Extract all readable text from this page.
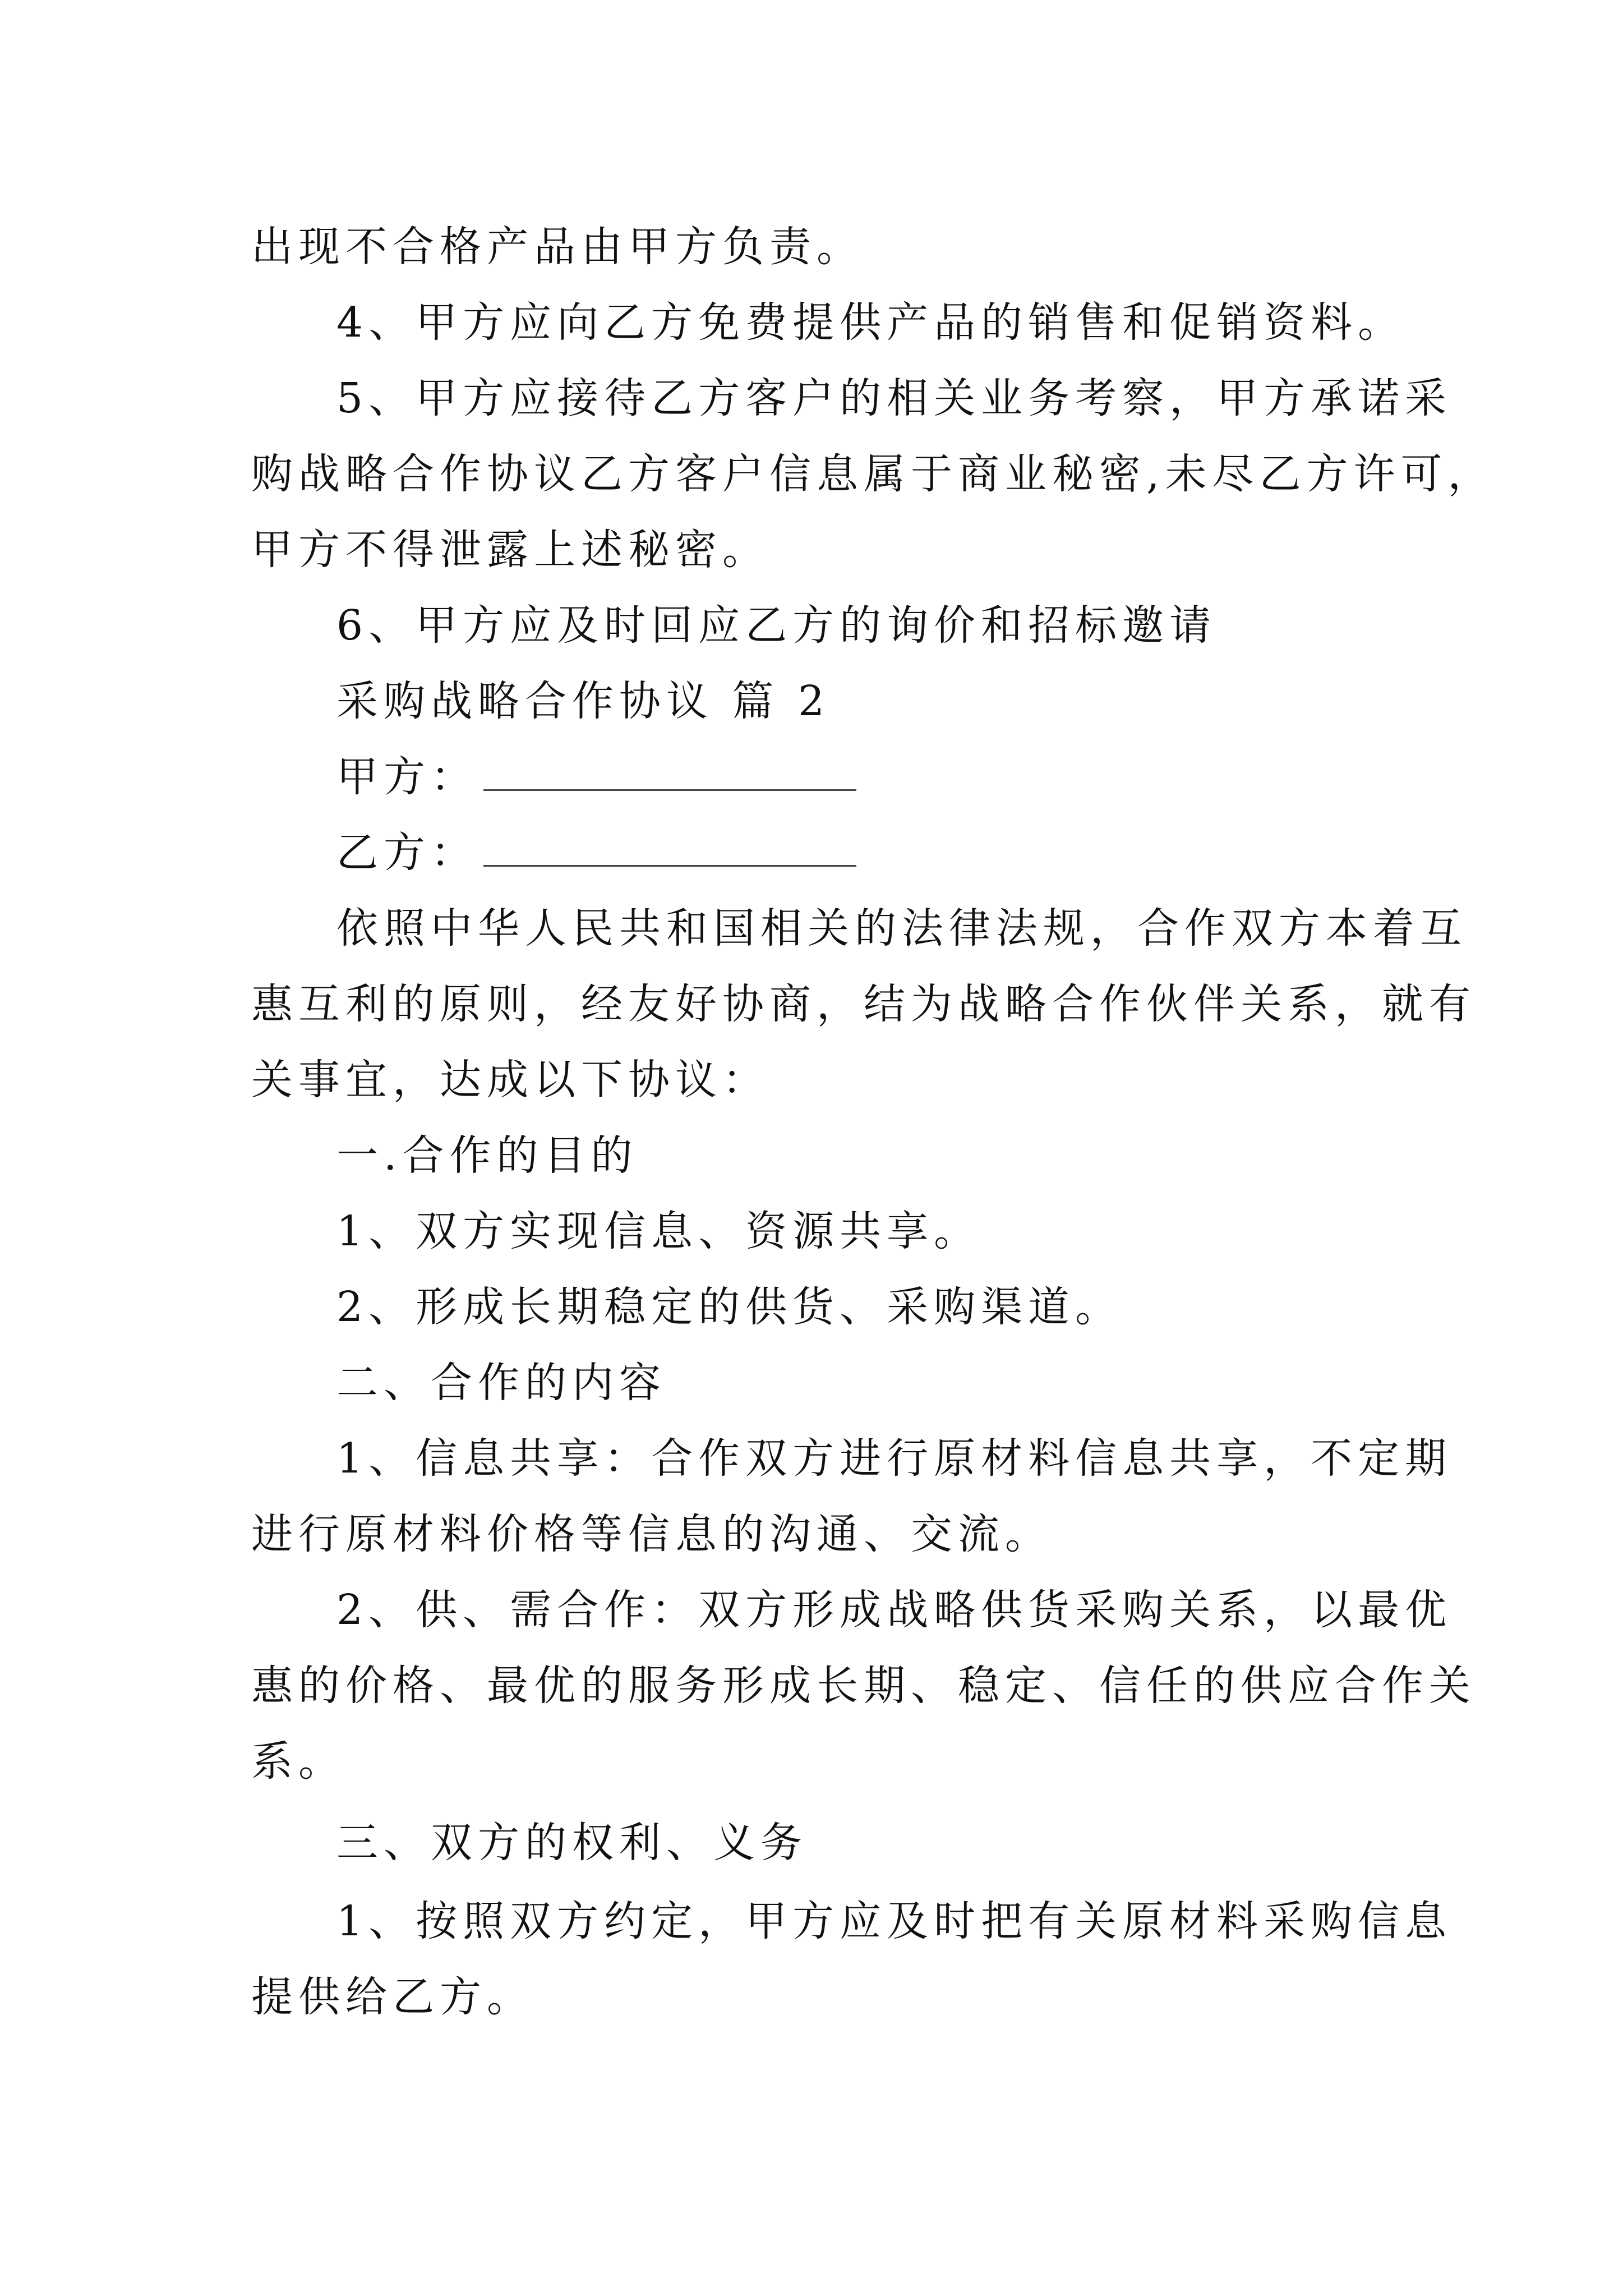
出现不合格产品由甲方负责。
4、甲方应向乙方免费提供产品的销售和促销资料。
5、甲方应接待乙方客户的相关业务考察，甲方承诺采
购战略合作协议乙方客户信息属于商业秘密,未尽乙方许可，
甲方不得泄露上述秘密。
6、甲方应及时回应乙方的询价和招标邀请
采购战略合作协议 篇 2
甲方：
乙方：
依照中华人民共和国相关的法律法规，合作双方本着互
惠互利的原则，经友好协商，结为战略合作伙伴关系，就有
关事宜，达成以下协议：
一.合作的目的
1、双方实现信息、资源共享。
2、形成长期稳定的供货、采购渠道。
二、合作的内容
1、信息共享：合作双方进行原材料信息共享，不定期
进行原材料价格等信息的沟通、交流。
2、供、需合作：双方形成战略供货采购关系，以最优
惠的价格、最优的服务形成长期、稳定、信任的供应合作关
系。
三、双方的权利、义务
1、按照双方约定，甲方应及时把有关原材料采购信息
提供给乙方。
